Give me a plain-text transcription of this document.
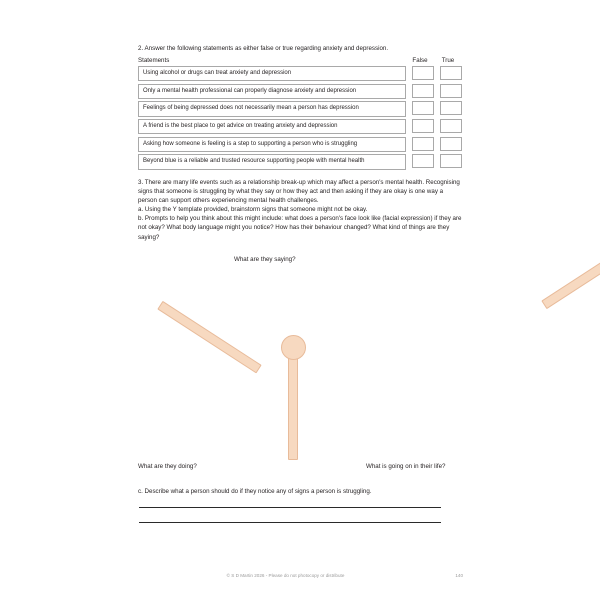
2. Answer the following statements as either false or true regarding anxiety and depression.

Statements	False	True
Using alcohol or drugs can treat anxiety and depression
Only a mental health professional can properly diagnose anxiety and depression
Feelings of being depressed does not necessarily mean a person has depression
A friend is the best place to get advice on treating anxiety and depression
Asking how someone is feeling is a step to supporting a person who is struggling
Beyond blue is a reliable and trusted resource supporting people with mental health

3. There are many life events such as a relationship break-up which may affect a person's mental health. Recognising signs that someone is struggling by what they say or how they act and then asking if they are okay is one way a person can support others experiencing mental health challenges.

a. Using the Y template provided, brainstorm signs that someone might not be okay.

b. Prompts to help you think about this might include: what does a person's face look like (facial expression) if they are not okay? What body language might you notice? How has their behaviour changed? What kind of things are they saying?

What are they saying?
What are they doing?	What is going on in their life?
c. Describe what a person should do if they notice any of signs a person is struggling.
© S D Martin 2026 - Please do not photocopy or distribute	140
